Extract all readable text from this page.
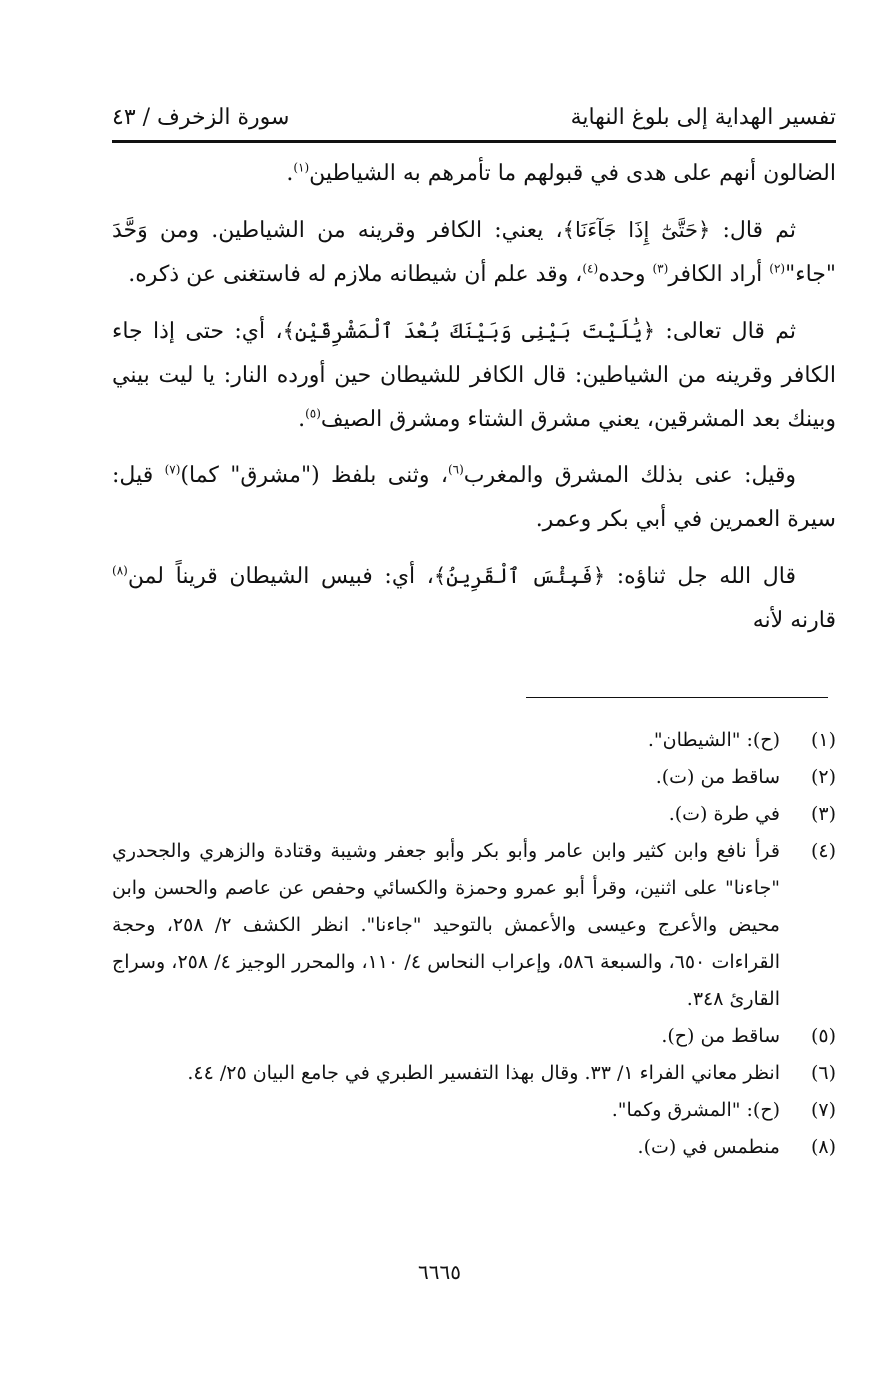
تفسير الهداية إلى بلوغ النهاية
سورة الزخرف / ٤٣

الضالون أنهم على هدى في قبولهم ما تأمرهم به الشياطين$^{(١)}$.

ثم قال: ﴿حَتَّىٰٓ إِذَا جَآءَنَا﴾، يعني: الكافر وقرينه من الشياطين. ومن وَحَّدَ "جاء"$^{(٢)}$ أراد الكافر$^{(٣)}$ وحده$^{(٤)}$، وقد علم أن شيطانه ملازم له فاستغنى عن ذكره.

ثم قال تعالى: ﴿يَٰلَيْتَ بَيْنِى وَبَيْنَكَ بُعْدَ ٱلْمَشْرِقَيْنِ﴾، أي: حتى إذا جاء الكافر وقرينه من الشياطين: قال الكافر للشيطان حين أورده النار: يا ليت بيني وبينك بعد المشرقين، يعني مشرق الشتاء ومشرق الصيف$^{(٥)}$.

وقيل: عنى بذلك المشرق والمغرب$^{(٦)}$، وثنى بلفظ ("مشرق" كما)$^{(٧)}$ قيل: سيرة العمرين في أبي بكر وعمر.

قال الله جل ثناؤه: ﴿فَبِئْسَ ٱلْقَرِينُ﴾، أي: فبيس الشيطان قريناً لمن$^{(٨)}$ قارنه لأنه

(١)
(ح): "الشيطان".
(٢)
ساقط من (ت).
(٣)
في طرة (ت).
(٤)
قرأ نافع وابن كثير وابن عامر وأبو بكر وأبو جعفر وشيبة وقتادة والزهري والجحدري "جاءنا" على اثنين، وقرأ أبو عمرو وحمزة والكسائي وحفص عن عاصم والحسن وابن محيض والأعرج وعيسى والأعمش بالتوحيد "جاءنا". انظر الكشف ٢/ ٢٥٨، وحجة القراءات ٦٥٠، والسبعة ٥٨٦، وإعراب النحاس ٤/ ١١٠، والمحرر الوجيز ٤/ ٢٥٨، وسراج القارئ ٣٤٨.
(٥)
ساقط من (ح).
(٦)
انظر معاني الفراء ١/ ٣٣. وقال بهذا التفسير الطبري في جامع البيان ٢٥/ ٤٤.
(٧)
(ح): "المشرق وكما".
(٨)
منطمس في (ت).
٦٦٦٥
